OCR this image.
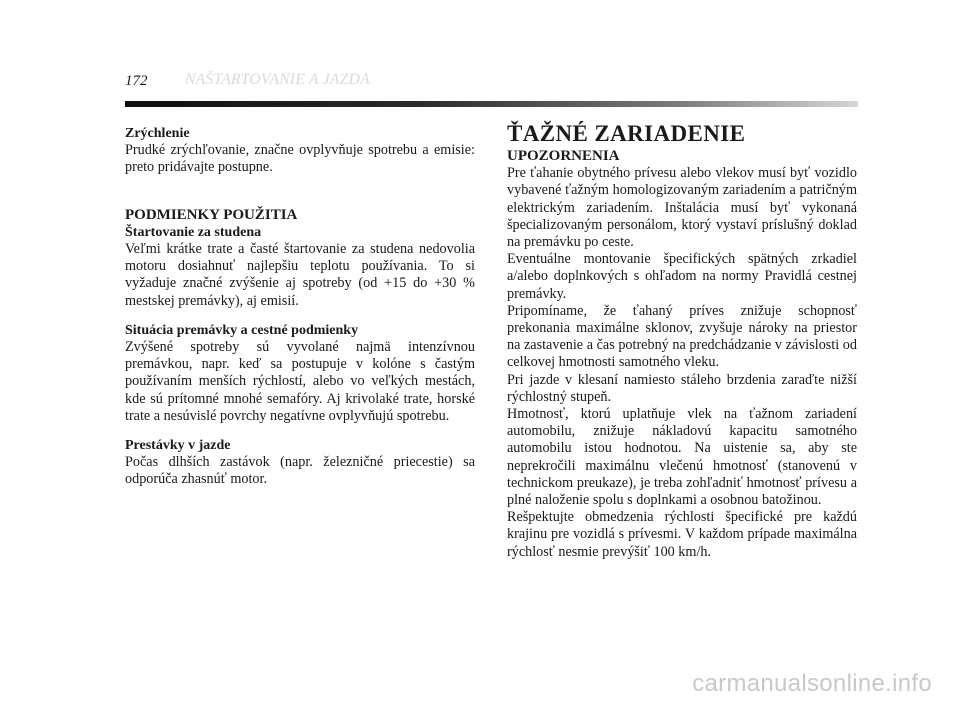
172 NAŠTARTOVANIE A JAZDA

Zrýchlenie

Prudké zrýchľovanie, značne ovplyvňuje spotrebu a emisie: preto pridávajte postupne.

PODMIENKY POUŽITIA

Štartovanie za studena

Veľmi krátke trate a časté štartovanie za studena nedovolia motoru dosiahnuť najlepšiu teplotu používania. To si vyžaduje značné zvýšenie aj spotreby (od +15 do +30 % mestskej premávky), aj emisií.

Situácia premávky a cestné podmienky

Zvýšené spotreby sú vyvolané najmä intenzívnou premávkou, napr. keď sa postupuje v kolóne s častým používaním menších rýchlostí, alebo vo veľkých mestách, kde sú prítomné mnohé semafóry. Aj krivolaké trate, horské trate a nesúvislé povrchy negatívne ovplyvňujú spotrebu.

Prestávky v jazde

Počas dlhších zastávok (napr. železničné priecestie) sa odporúča zhasnúť motor.

ŤAŽNÉ ZARIADENIE

UPOZORNENIA

Pre ťahanie obytného prívesu alebo vlekov musí byť vozidlo vybavené ťažným homologizovaným zariadením a patričným elektrickým zariadením. Inštalácia musí byť vykonaná špecializovaným personálom, ktorý vystaví príslušný doklad na premávku po ceste.

Eventuálne montovanie špecifických spätných zrkadiel a/alebo doplnkových s ohľadom na normy Pravidlá cestnej premávky.

Pripomíname, že ťahaný príves znižuje schopnosť prekonania maximálne sklonov, zvyšuje nároky na priestor na zastavenie a čas potrebný na predchádzanie v závislosti od celkovej hmotnosti samotného vleku.

Pri jazde v klesaní namiesto stáleho brzdenia zaraďte nižší rýchlostný stupeň.

Hmotnosť, ktorú uplatňuje vlek na ťažnom zariadení automobilu, znižuje nákladovú kapacitu samotného automobilu istou hodnotou. Na uistenie sa, aby ste neprekročili maximálnu vlečenú hmotnosť (stanovenú v technickom preukaze), je treba zohľadniť hmotnosť prívesu a plné naloženie spolu s doplnkami a osobnou batožinou.

Rešpektujte obmedzenia rýchlosti špecifické pre každú krajinu pre vozidlá s prívesmi. V každom prípade maximálna rýchlosť nesmie prevýšiť 100 km/h.

carmanualsonline.info
